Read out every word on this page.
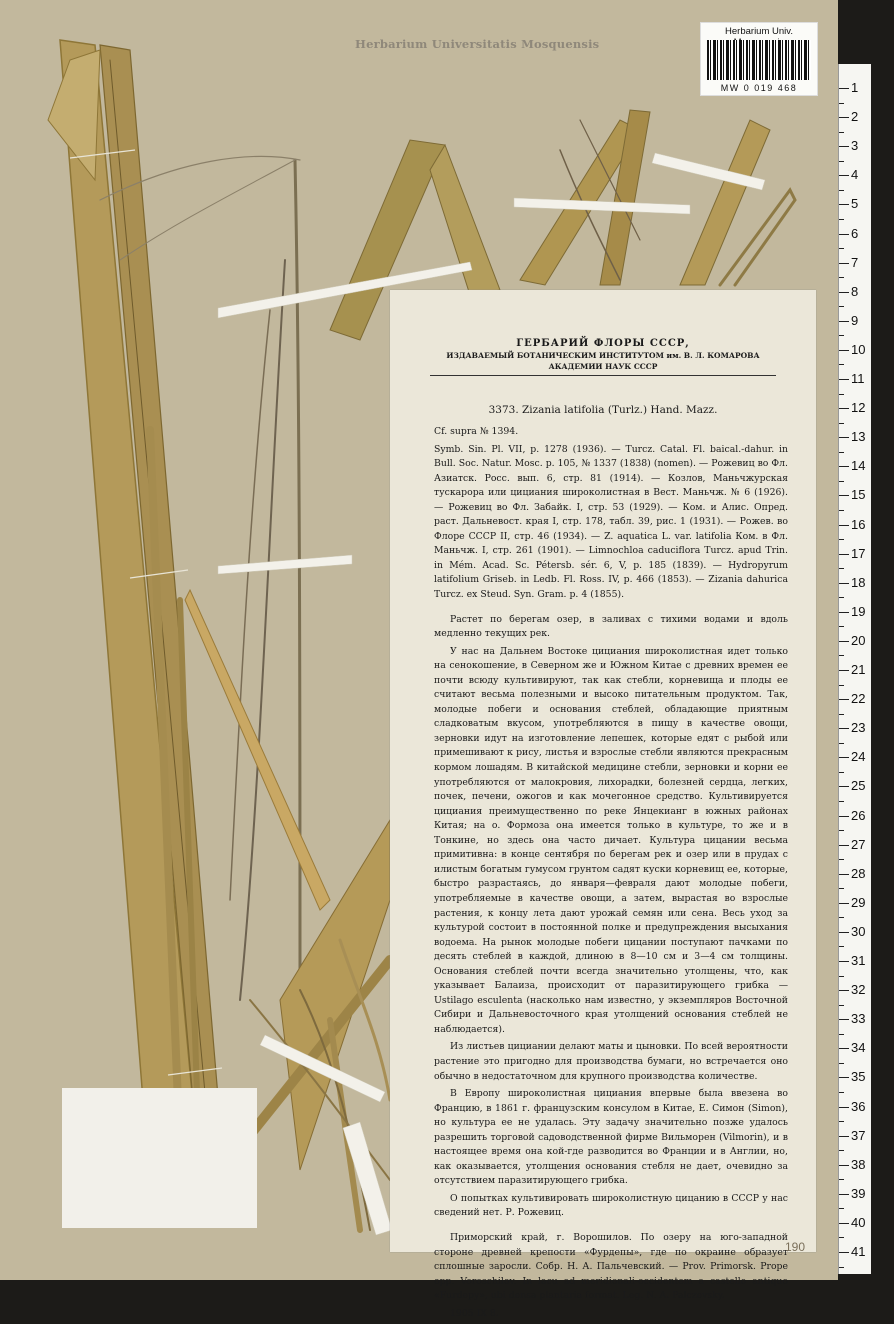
Herbarium Universitatis Mosquensis
Herbarium Univ.
MW 0 019 468
ГЕРБАРИЙ ФЛОРЫ СССР,
ИЗДАВАЕМЫЙ БОТАНИЧЕСКИМ ИНСТИТУТОМ им. В. Л. КОМАРОВА
АКАДЕМИИ НАУК СССР
3373. Zizania latifolia (Turlz.) Hand. Mazz.

Cf. supra № 1394.

Symb. Sin. Pl. VII, p. 1278 (1936). — Turcz. Catal. Fl. baical.-dahur. in Bull. Soc. Natur. Mosc. p. 105, № 1337 (1838) (nomen). — Рожевиц во Фл. Азиатск. Росс. вып. 6, стр. 81 (1914). — Козлов, Маньчжурская тускарора или цициания широколистная в Вест. Маньчж. № 6 (1926). — Рожевиц во Фл. Забайк. I, стр. 53 (1929). — Ком. и Алис. Опред. раст. Дальневост. края I, стр. 178, табл. 39, рис. 1 (1931). — Рожев. во Флоре СССР II, стр. 46 (1934). — Z. aquatica L. var. latifolia Ком. в Фл. Маньчж. I, стр. 261 (1901). — Limnochloa caduciflora Turcz. apud Trin. in Mém. Acad. Sc. Pétersb. sér. 6, V, p. 185 (1839). — Hydropyrum latifolium Griseb. in Ledb. Fl. Ross. IV, p. 466 (1853). — Zizania dahurica Turcz. ex Steud. Syn. Gram. p. 4 (1855).

Растет по берегам озер, в заливах с тихими водами и вдоль медленно текущих рек.

У нас на Дальнем Востоке цициания широколистная идет только на сенокошение, в Северном же и Южном Китае с древних времен ее почти всюду культивируют, так как стебли, корневища и плоды ее считают весьма полезными и высоко питательным продуктом. Так, молодые побеги и основания стеблей, обладающие приятным сладковатым вкусом, употребляются в пищу в качестве овощи, зерновки идут на изготовление лепешек, которые едят с рыбой или примешивают к рису, листья и взрослые стебли являются прекрасным кормом лошадям. В китайской медицине стебли, зерновки и корни ее употребляются от малокровия, лихорадки, болезней сердца, легких, почек, печени, ожогов и как мочегонное средство. Культивируется цициания преимущественно по реке Янцекианг в южных районах Китая; на о. Формоза она имеется только в культуре, то же и в Тонкине, но здесь она часто дичает. Культура цицании весьма примитивна: в конце сентября по берегам рек и озер или в прудах с илистым богатым гумусом грунтом садят куски корневищ ее, которые, быстро разрастаясь, до января—февраля дают молодые побеги, употребляемые в качестве овощи, а затем, вырастая во взрослые растения, к концу лета дают урожай семян или сена. Весь уход за культурой состоит в постоянной полке и предупреждения высыхания водоема. На рынок молодые побеги цицании поступают пачками по десять стеблей в каждой, длиною в 8—10 см и 3—4 см толщины. Основания стеблей почти всегда значительно утолщены, что, как указывает Балаиза, происходит от паразитирующего грибка — Ustilago esculenta (насколько нам известно, у экземпляров Восточной Сибири и Дальневосточного края утолщений основания стеблей не наблюдается).

Из листьев цициании делают маты и цыновки. По всей вероятности растение это пригодно для производства бумаги, но встречается оно обычно в недостаточном для крупного производства количестве.

В Европу широколистная цициания впервые была ввезена во Францию, в 1861 г. французским консулом в Китае, Е. Симон (Simon), но культура ее не удалась. Эту задачу значительно позже удалось разрешить торговой садоводственной фирме Вильморен (Vilmorin), и в настоящее время она кой-где разводится во Франции и в Англии, но, как оказывается, утолщения основания стебля не дает, очевидно за отсутствием паразитирующего грибка.

О попытках культивировать широколистную цицанию в СССР у нас сведений нет. Р. Рожевиц.

Приморский край, г. Ворошилов. По озеру на юго-западной стороне древней крепости «Фурдепы», где по окраине образует сплошные заросли. Собр. Н. А. Пальчевский. — Prov. Primorsk. Prope opp. Voroschilov. In lacu ad meridionali-occidentem a castello antiquo «Furdepy», ubi densa plantaria format. Leg. N. A. Palczevsky.

1905 IX 8.

190
1
2
3
4
5
6
7
8
9
10
11
12
13
14
15
16
17
18
19
20
21
22
23
24
25
26
27
28
29
30
31
32
33
34
35
36
37
38
39
40
41
